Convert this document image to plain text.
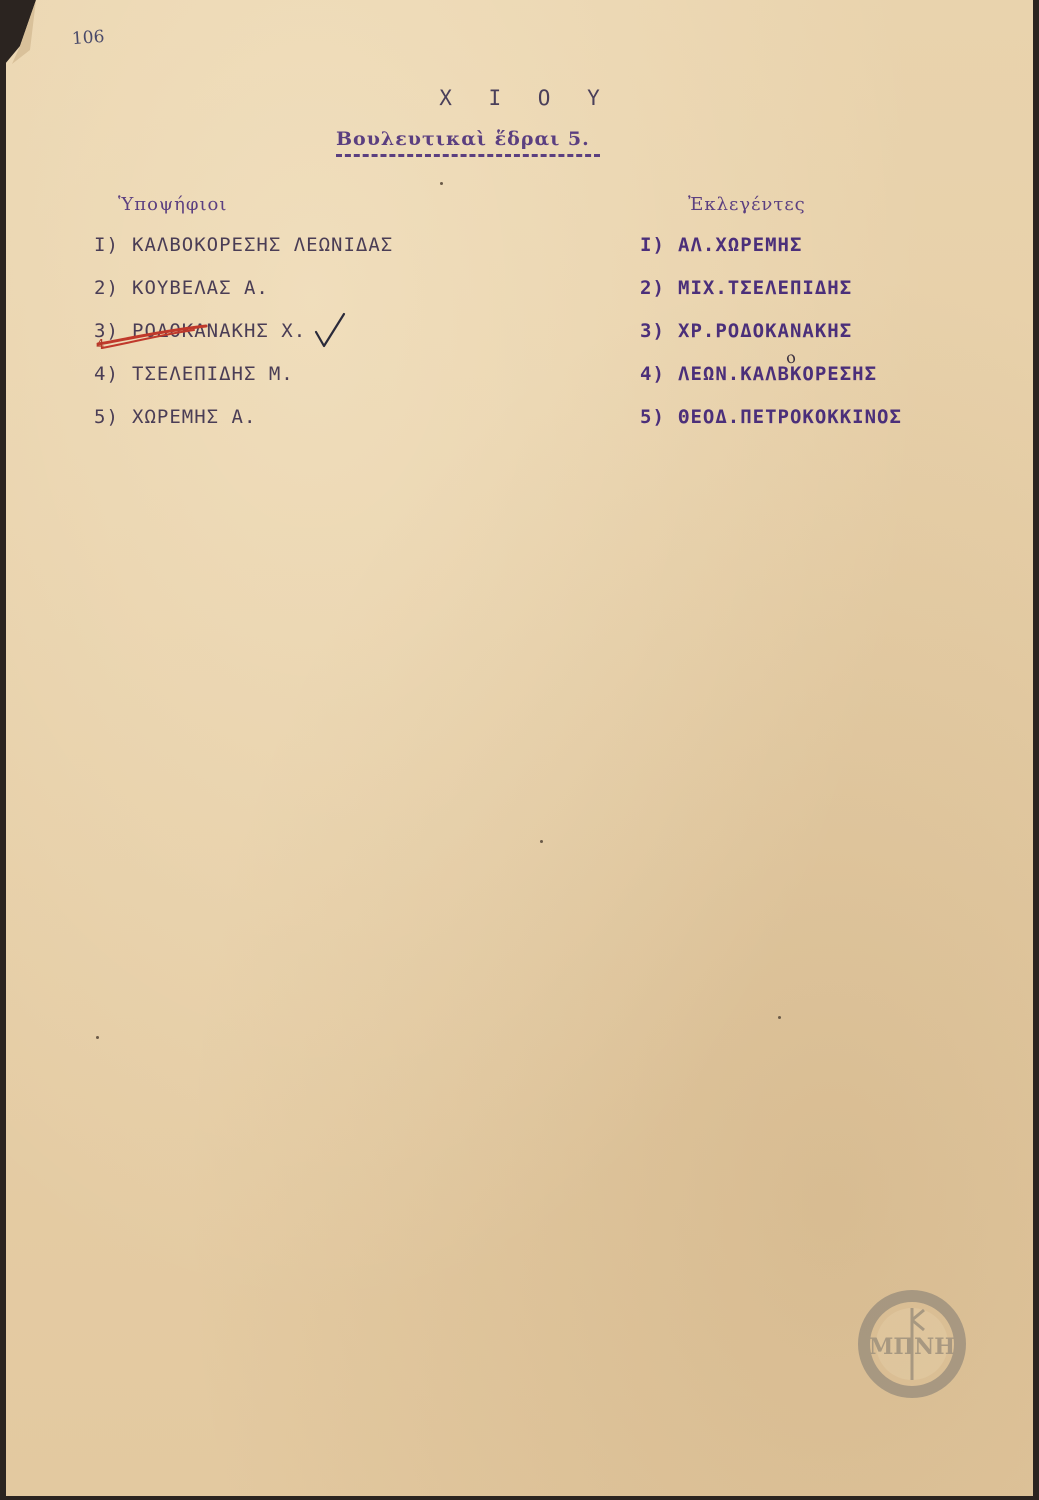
106
Χ Ι Ο Υ
Βουλευτικαὶ ἕδραι 5.
Ὑποψήφιοι	Ἐκλεγέντες
I) ΚΑΛΒΟΚΟΡΕΣΗΣ ΛΕΩΝΙΔΑΣ
2) ΚΟΥΒΕΛΑΣ Α.
3) ΡΟΔΟΚΑΝΑΚΗΣ Χ.
4) ΤΣΕΛΕΠΙΔΗΣ Μ.
5) ΧΩΡΕΜΗΣ Α.
4
I) ΑΛ.ΧΩΡΕΜΗΣ
2) ΜΙΧ.ΤΣΕΛΕΠΙΔΗΣ
3) ΧΡ.ΡΟΔΟΚΑΝΑΚΗΣ
4) ΛΕΩΝ.ΚΑΛΒΚΟΡΕΣΗΣ
5) ΘΕΟΔ.ΠΕΤΡΟΚΟΚΚΙΝΟΣ
ο
ΜΠΝΗ
